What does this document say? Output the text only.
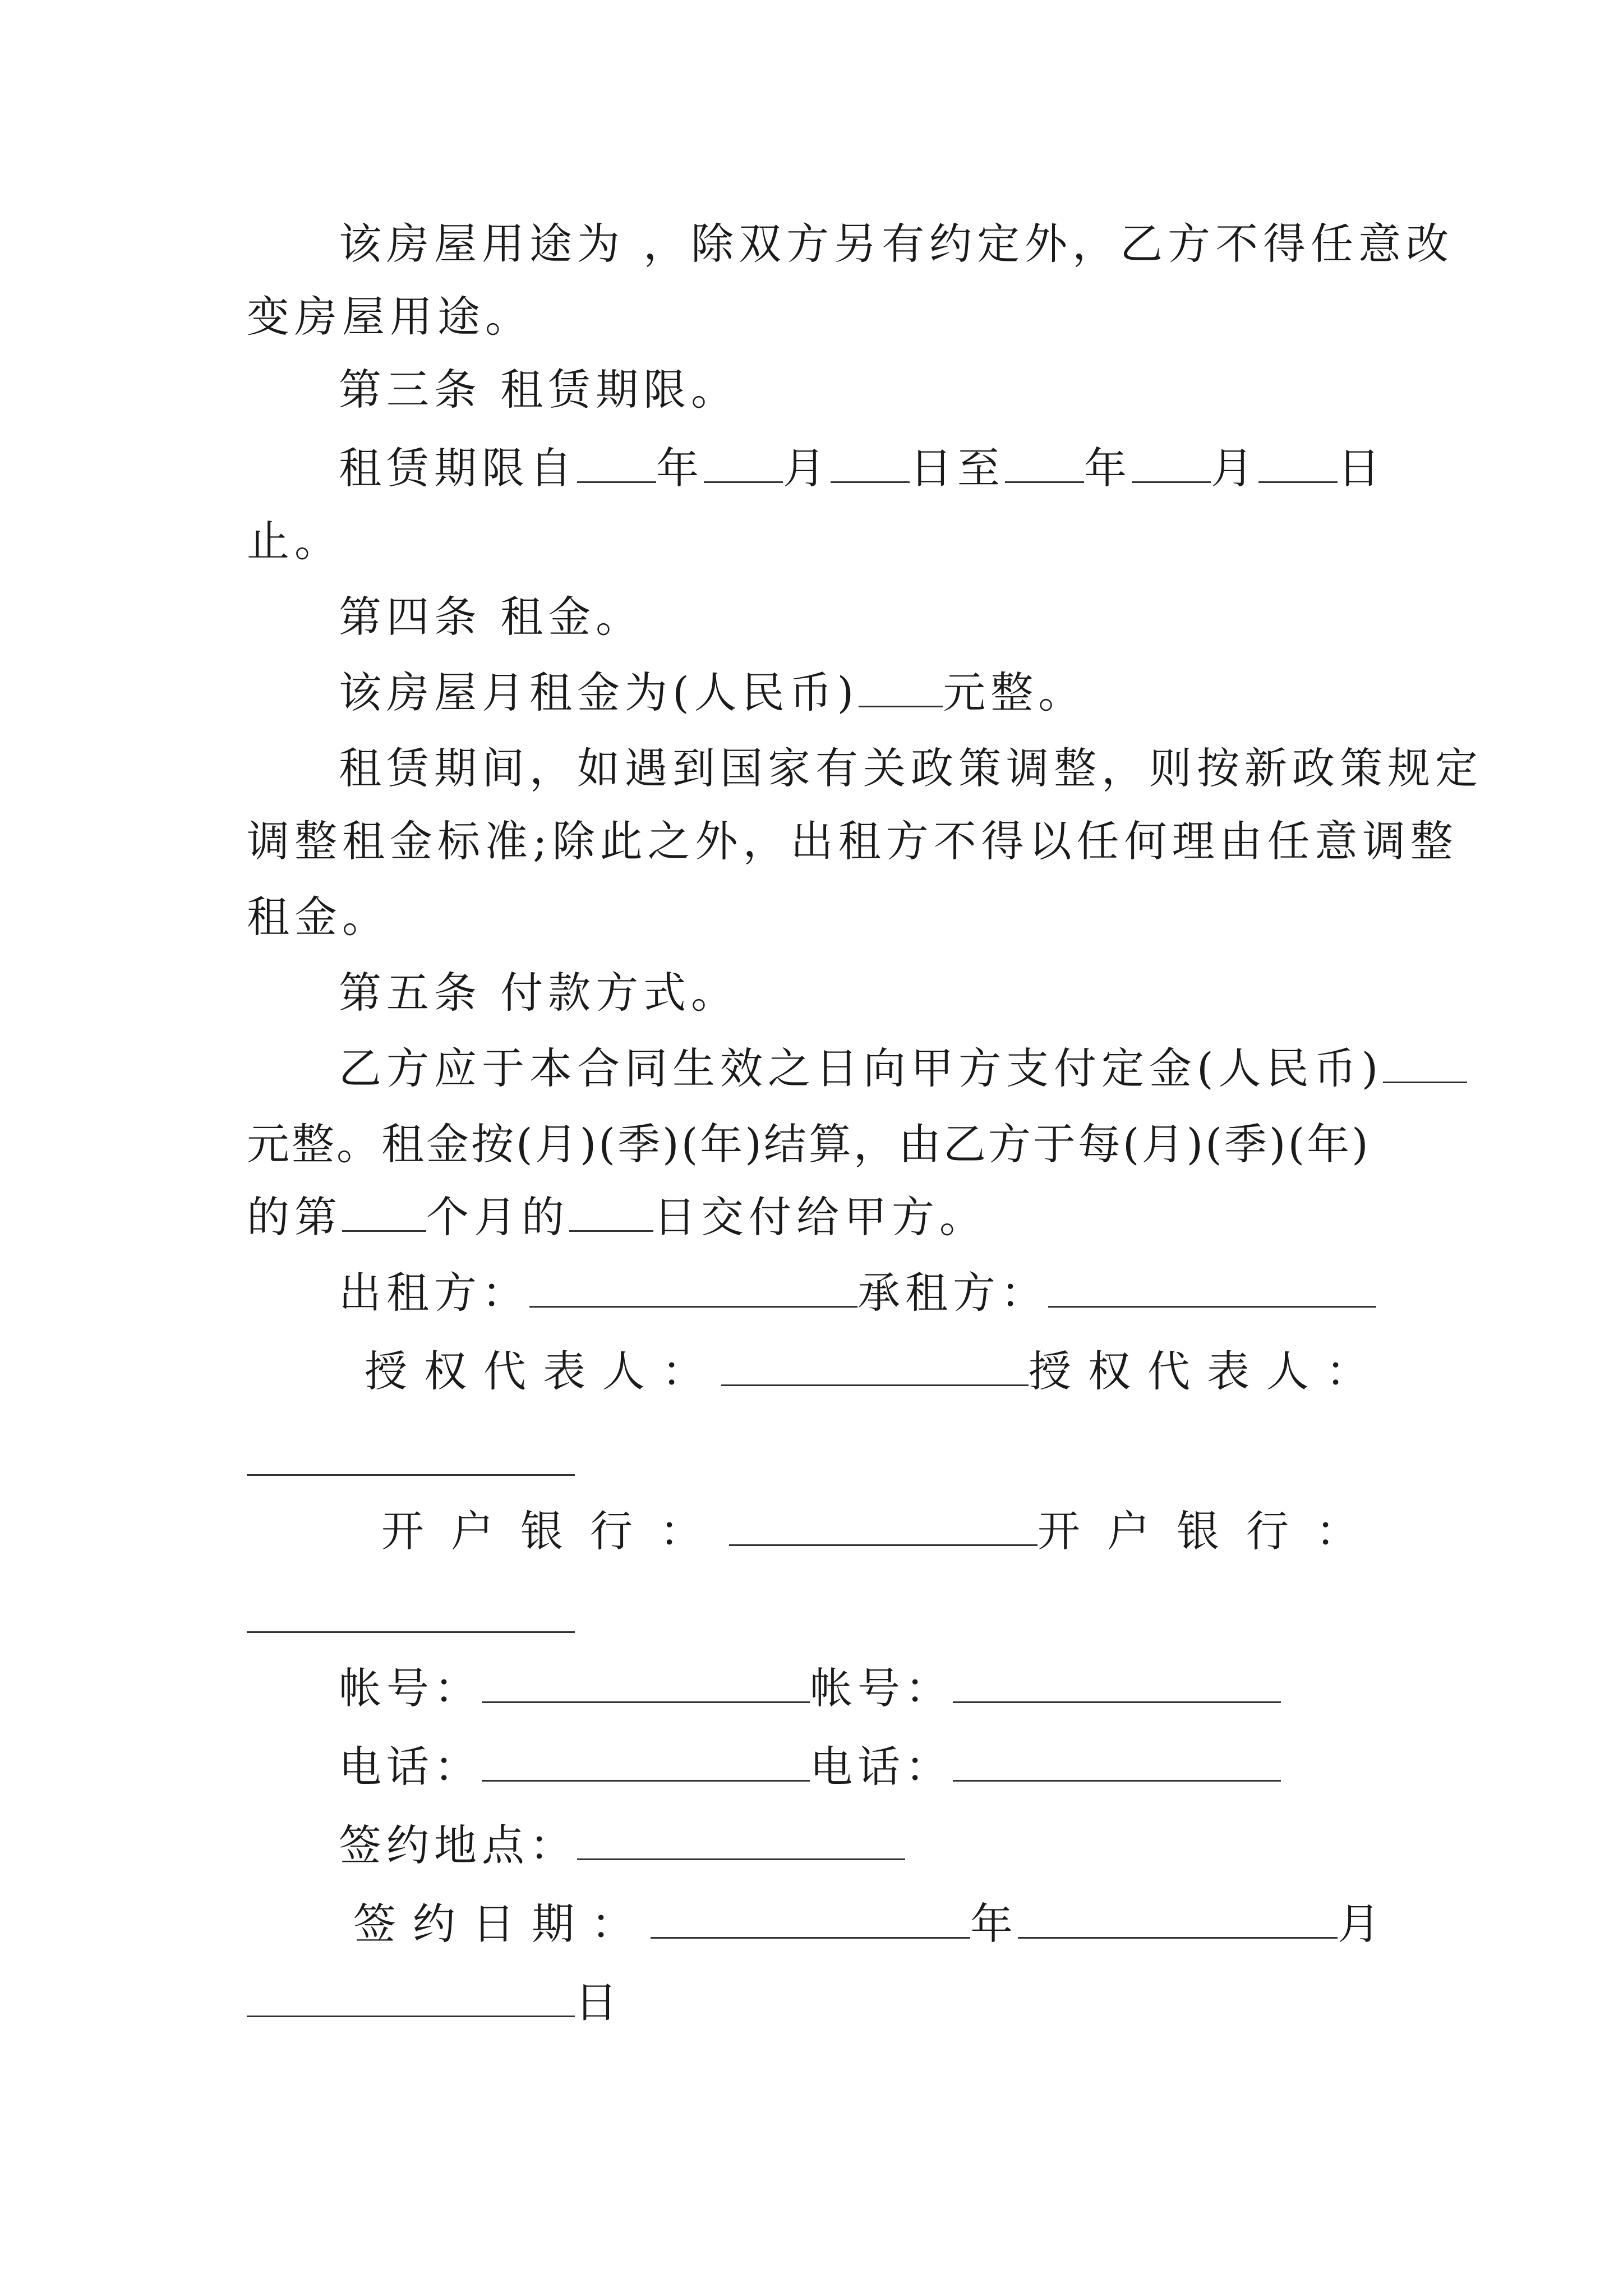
该房屋用途为 ，除双方另有约定外，乙方不得任意改
变房屋用途。
第三条 租赁期限。
租赁期限自 年 月 日至 年 月 日
止。
第四条 租金。
该房屋月租金为(人民币) 元整。
租赁期间，如遇到国家有关政策调整，则按新政策规定
调整租金标准;除此之外，出租方不得以任何理由任意调整
租金。
第五条 付款方式。
乙方应于本合同生效之日向甲方支付定金(人民币)
元整。租金按(月)(季)(年)结算，由乙方于每(月)(季)(年)
的第 个月的 日交付给甲方。
出租方：	承租方：
授权代表人：	授权代表人：
开户银行：	开户银行：
帐号：	帐号：
电话：	电话：
签约地点：
签约日期：	年	月
日
